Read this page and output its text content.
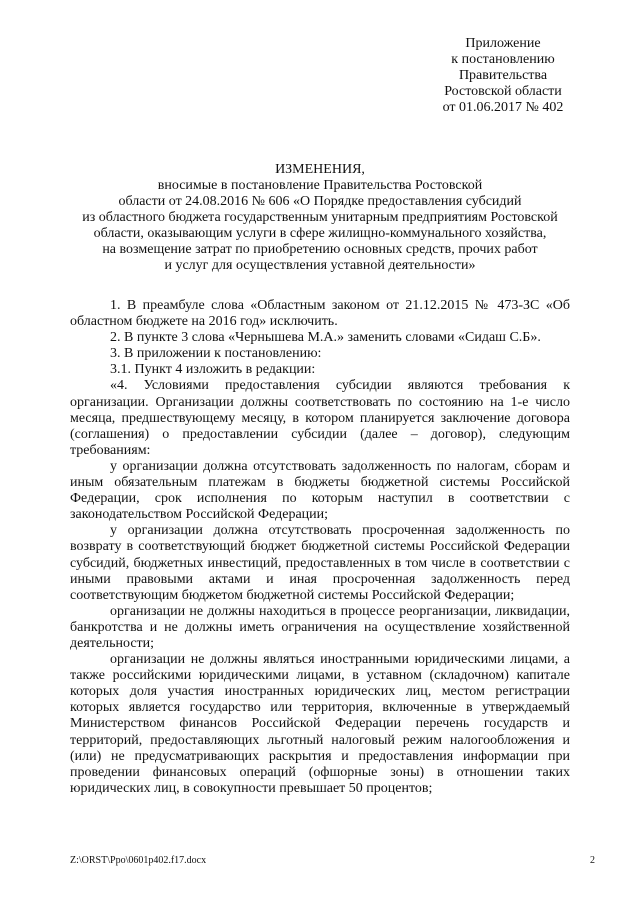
Приложение
к постановлению
Правительства
Ростовской области
от 01.06.2017 № 402
ИЗМЕНЕНИЯ,
вносимые в постановление Правительства Ростовской
области от 24.08.2016 № 606 «О Порядке предоставления субсидий
из областного бюджета государственным унитарным предприятиям Ростовской
области, оказывающим услуги в сфере жилищно-коммунального хозяйства,
на возмещение затрат по приобретению основных средств, прочих работ
и услуг для осуществления уставной деятельности»

1. В преамбуле слова «Областным законом от 21.12.2015 № 473-ЗС «Об областном бюджете на 2016 год» исключить.

2. В пункте 3 слова «Чернышева М.А.» заменить словами «Сидаш С.Б».

3. В приложении к постановлению:

3.1. Пункт 4 изложить в редакции:

«4. Условиями предоставления субсидии являются требования к организации. Организации должны соответствовать по состоянию на 1-е число месяца, предшествующему месяцу, в котором планируется заключение договора (соглашения) о предоставлении субсидии (далее – договор), следующим требованиям:

у организации должна отсутствовать задолженность по налогам, сборам и иным обязательным платежам в бюджеты бюджетной системы Российской Федерации, срок исполнения по которым наступил в соответствии с законодательством Российской Федерации;

у организации должна отсутствовать просроченная задолженность по возврату в соответствующий бюджет бюджетной системы Российской Федерации субсидий, бюджетных инвестиций, предоставленных в том числе в соответствии с иными правовыми актами и иная просроченная задолженность перед соответствующим бюджетом бюджетной системы Российской Федерации;

организации не должны находиться в процессе реорганизации, ликвидации, банкротства и не должны иметь ограничения на осуществление хозяйственной деятельности;

организации не должны являться иностранными юридическими лицами, а также российскими юридическими лицами, в уставном (складочном) капитале которых доля участия иностранных юридических лиц, местом регистрации которых является государство или территория, включенные в утверждаемый Министерством финансов Российской Федерации перечень государств и территорий, предоставляющих льготный налоговый режим налогообложения и (или) не предусматривающих раскрытия и предоставления информации при проведении финансовых операций (офшорные зоны) в отношении таких юридических лиц, в совокупности превышает 50 процентов;

Z:\ORST\Ppo\0601p402.f17.docx	2
